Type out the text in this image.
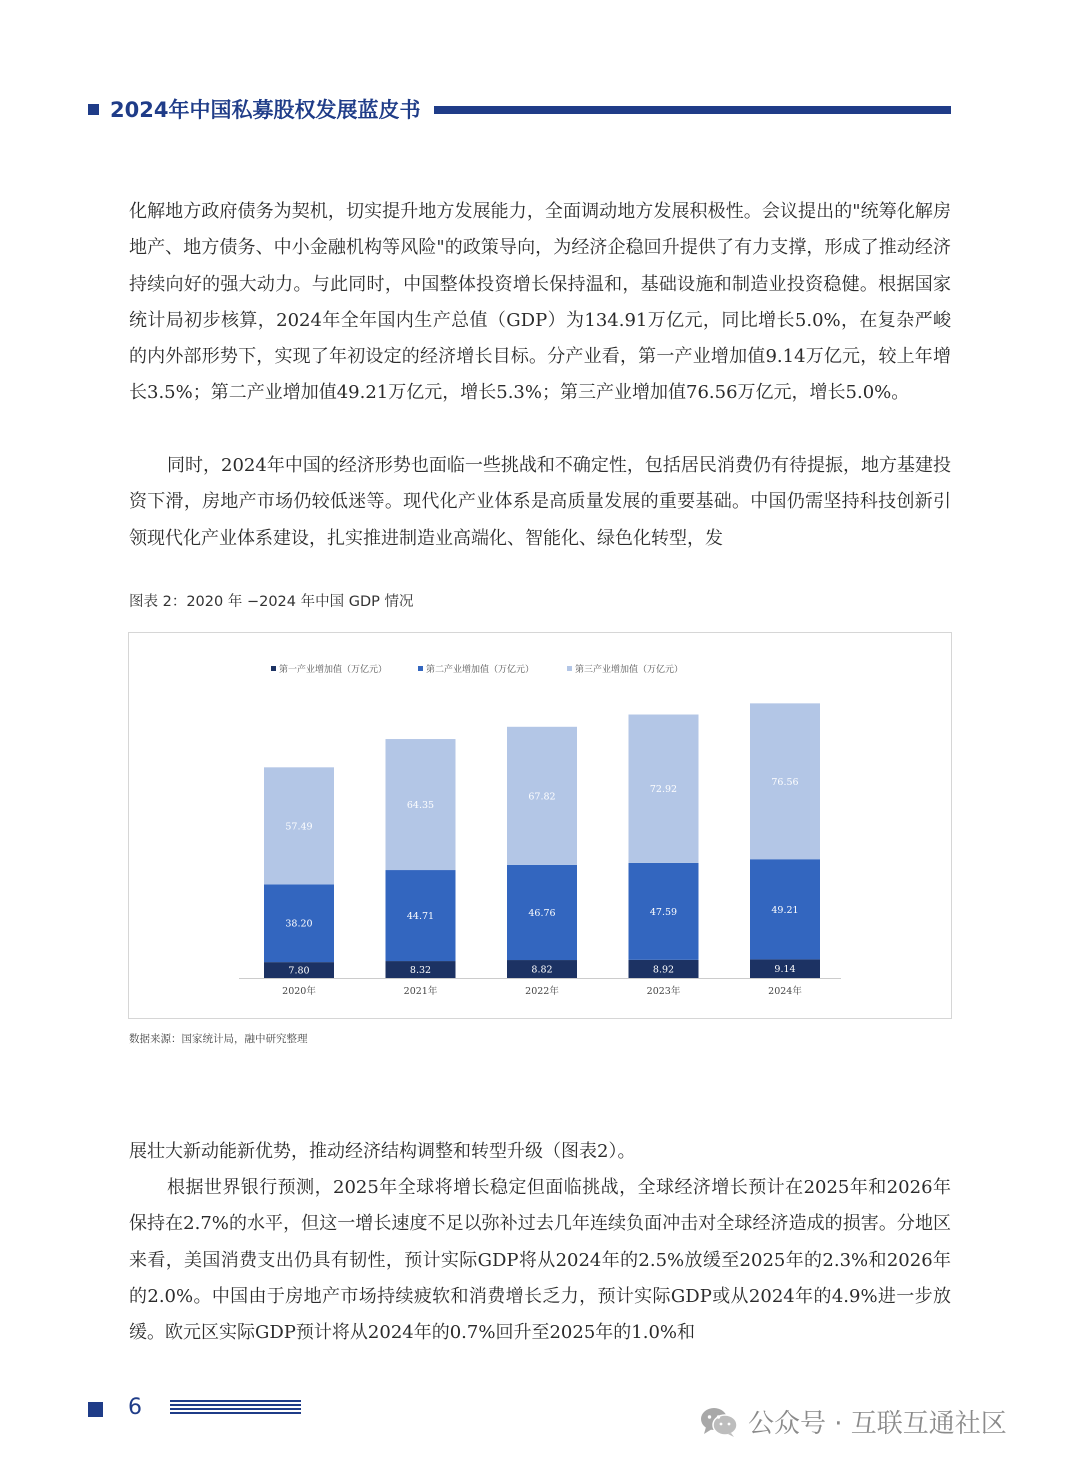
2024年中国私募股权发展蓝皮书

化解地方政府债务为契机，切实提升地方发展能力，全面调动地方发展积极性。会议提出的"统筹化解房地产、地方债务、中小金融机构等风险"的政策导向，为经济企稳回升提供了有力支撑，形成了推动经济持续向好的强大动力。与此同时，中国整体投资增长保持温和，基础设施和制造业投资稳健。根据国家统计局初步核算，2024年全年国内生产总值（GDP）为134.91万亿元，同比增长5.0%，在复杂严峻的内外部形势下，实现了年初设定的经济增长目标。分产业看，第一产业增加值9.14万亿元，较上年增长3.5%；第二产业增加值49.21万亿元，增长5.3%；第三产业增加值76.56万亿元，增长5.0%。

同时，2024年中国的经济形势也面临一些挑战和不确定性，包括居民消费仍有待提振，地方基建投资下滑，房地产市场仍较低迷等。现代化产业体系是高质量发展的重要基础。中国仍需坚持科技创新引领现代化产业体系建设，扎实推进制造业高端化、智能化、绿色化转型，发

图表 2：2020 年 −2024 年中国 GDP 情况
第一产业增加值（万亿元）	第二产业增加值（万亿元）	第三产业增加值（万亿元）
7.80
38.20
57.49
2020年
8.32
44.71
64.35
2021年
8.82
46.76
67.82
2022年
8.92
47.59
72.92
2023年
9.14
49.21
76.56
2024年
数据来源：国家统计局，融中研究整理

展壮大新动能新优势，推动经济结构调整和转型升级（图表2）。

根据世界银行预测，2025年全球将增长稳定但面临挑战，全球经济增长预计在2025年和2026年保持在2.7%的水平，但这一增长速度不足以弥补过去几年连续负面冲击对全球经济造成的损害。分地区来看，美国消费支出仍具有韧性，预计实际GDP将从2024年的2.5%放缓至2025年的2.3%和2026年的2.0%。中国由于房地产市场持续疲软和消费增长乏力，预计实际GDP或从2024年的4.9%进一步放缓。欧元区实际GDP预计将从2024年的0.7%回升至2025年的1.0%和

6
公众号 · 互联互通社区
